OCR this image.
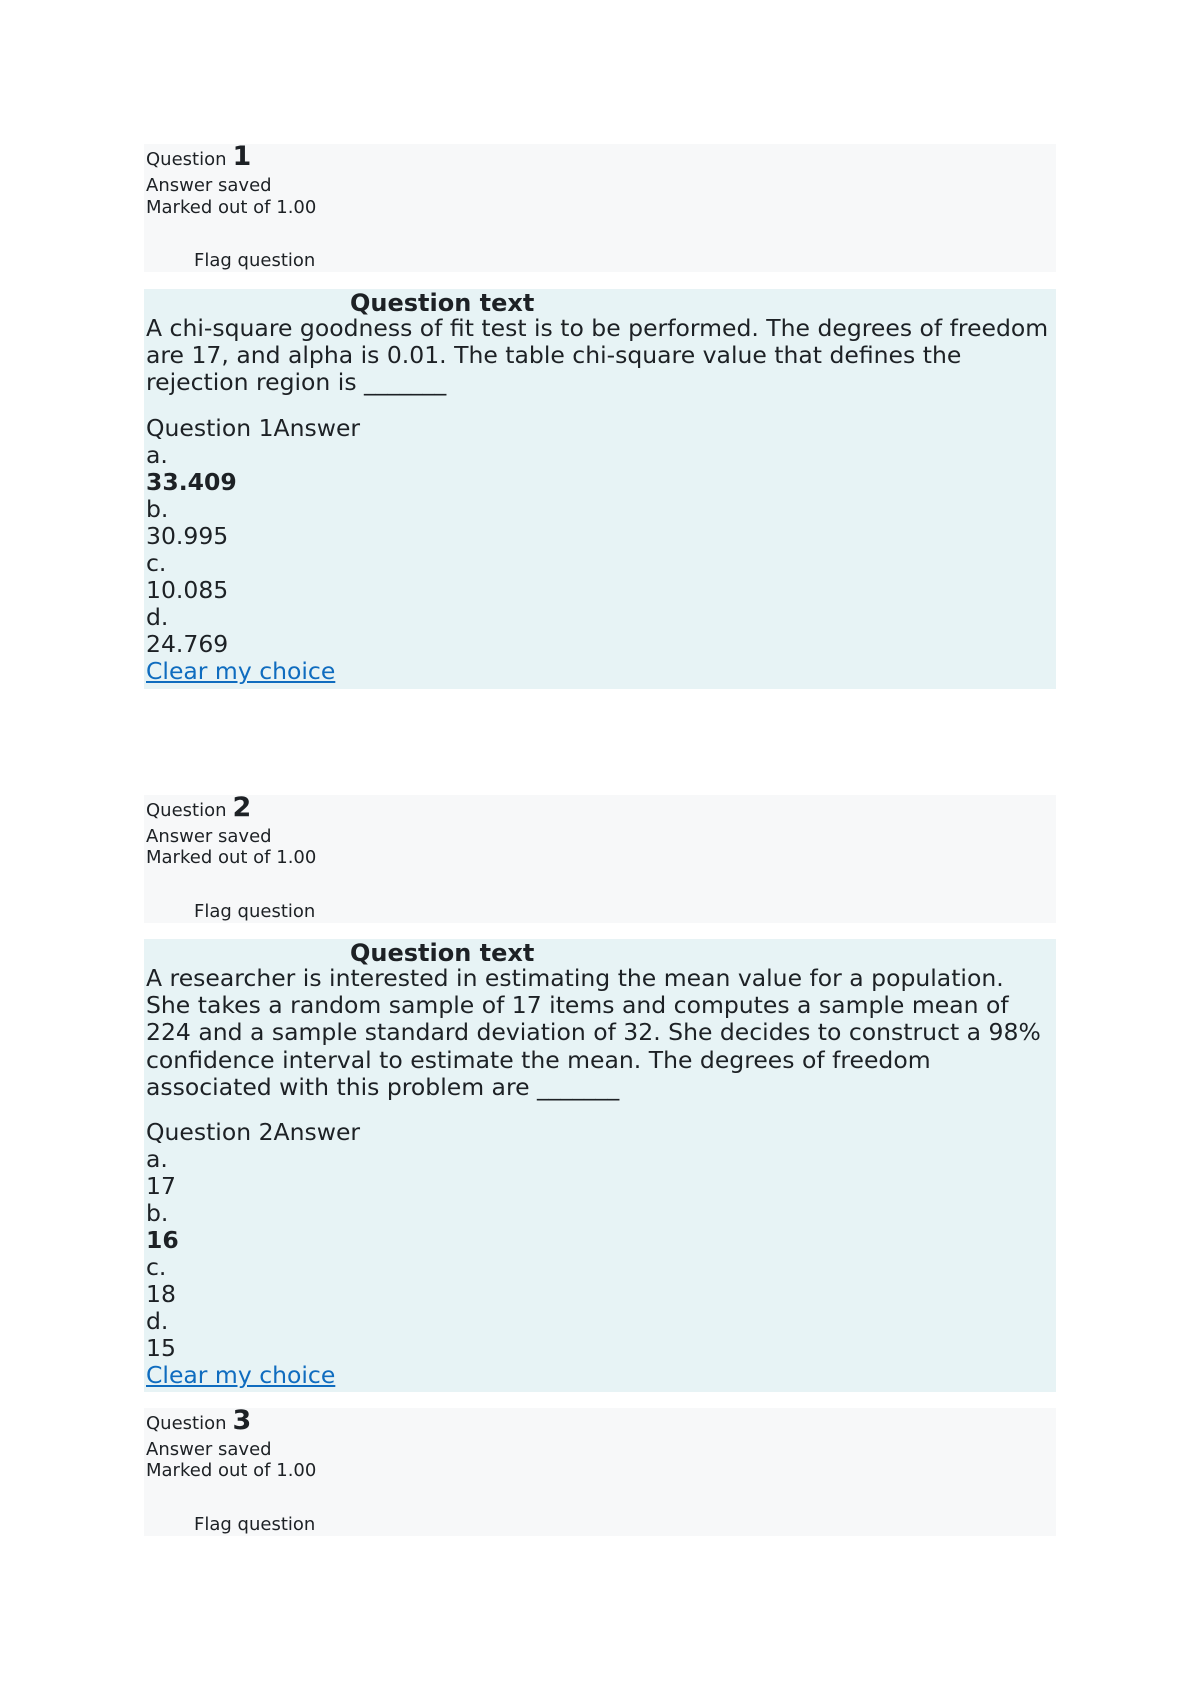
Question 1
Answer saved
Marked out of 1.00
Flag question
Question text

A chi-square goodness of fit test is to be performed. The degrees of freedom are 17, and alpha is 0.01. The table chi-square value that defines the rejection region is _______

Question 1Answer
a.
33.409
b.
30.995
c.
10.085
d.
24.769
Clear my choice
Question 2
Answer saved
Marked out of 1.00
Flag question
Question text

A researcher is interested in estimating the mean value for a population. She takes a random sample of 17 items and computes a sample mean of 224 and a sample standard deviation of 32. She decides to construct a 98% confidence interval to estimate the mean. The degrees of freedom associated with this problem are _______

Question 2Answer
a.
17
b.
16
c.
18
d.
15
Clear my choice
Question 3
Answer saved
Marked out of 1.00
Flag question
